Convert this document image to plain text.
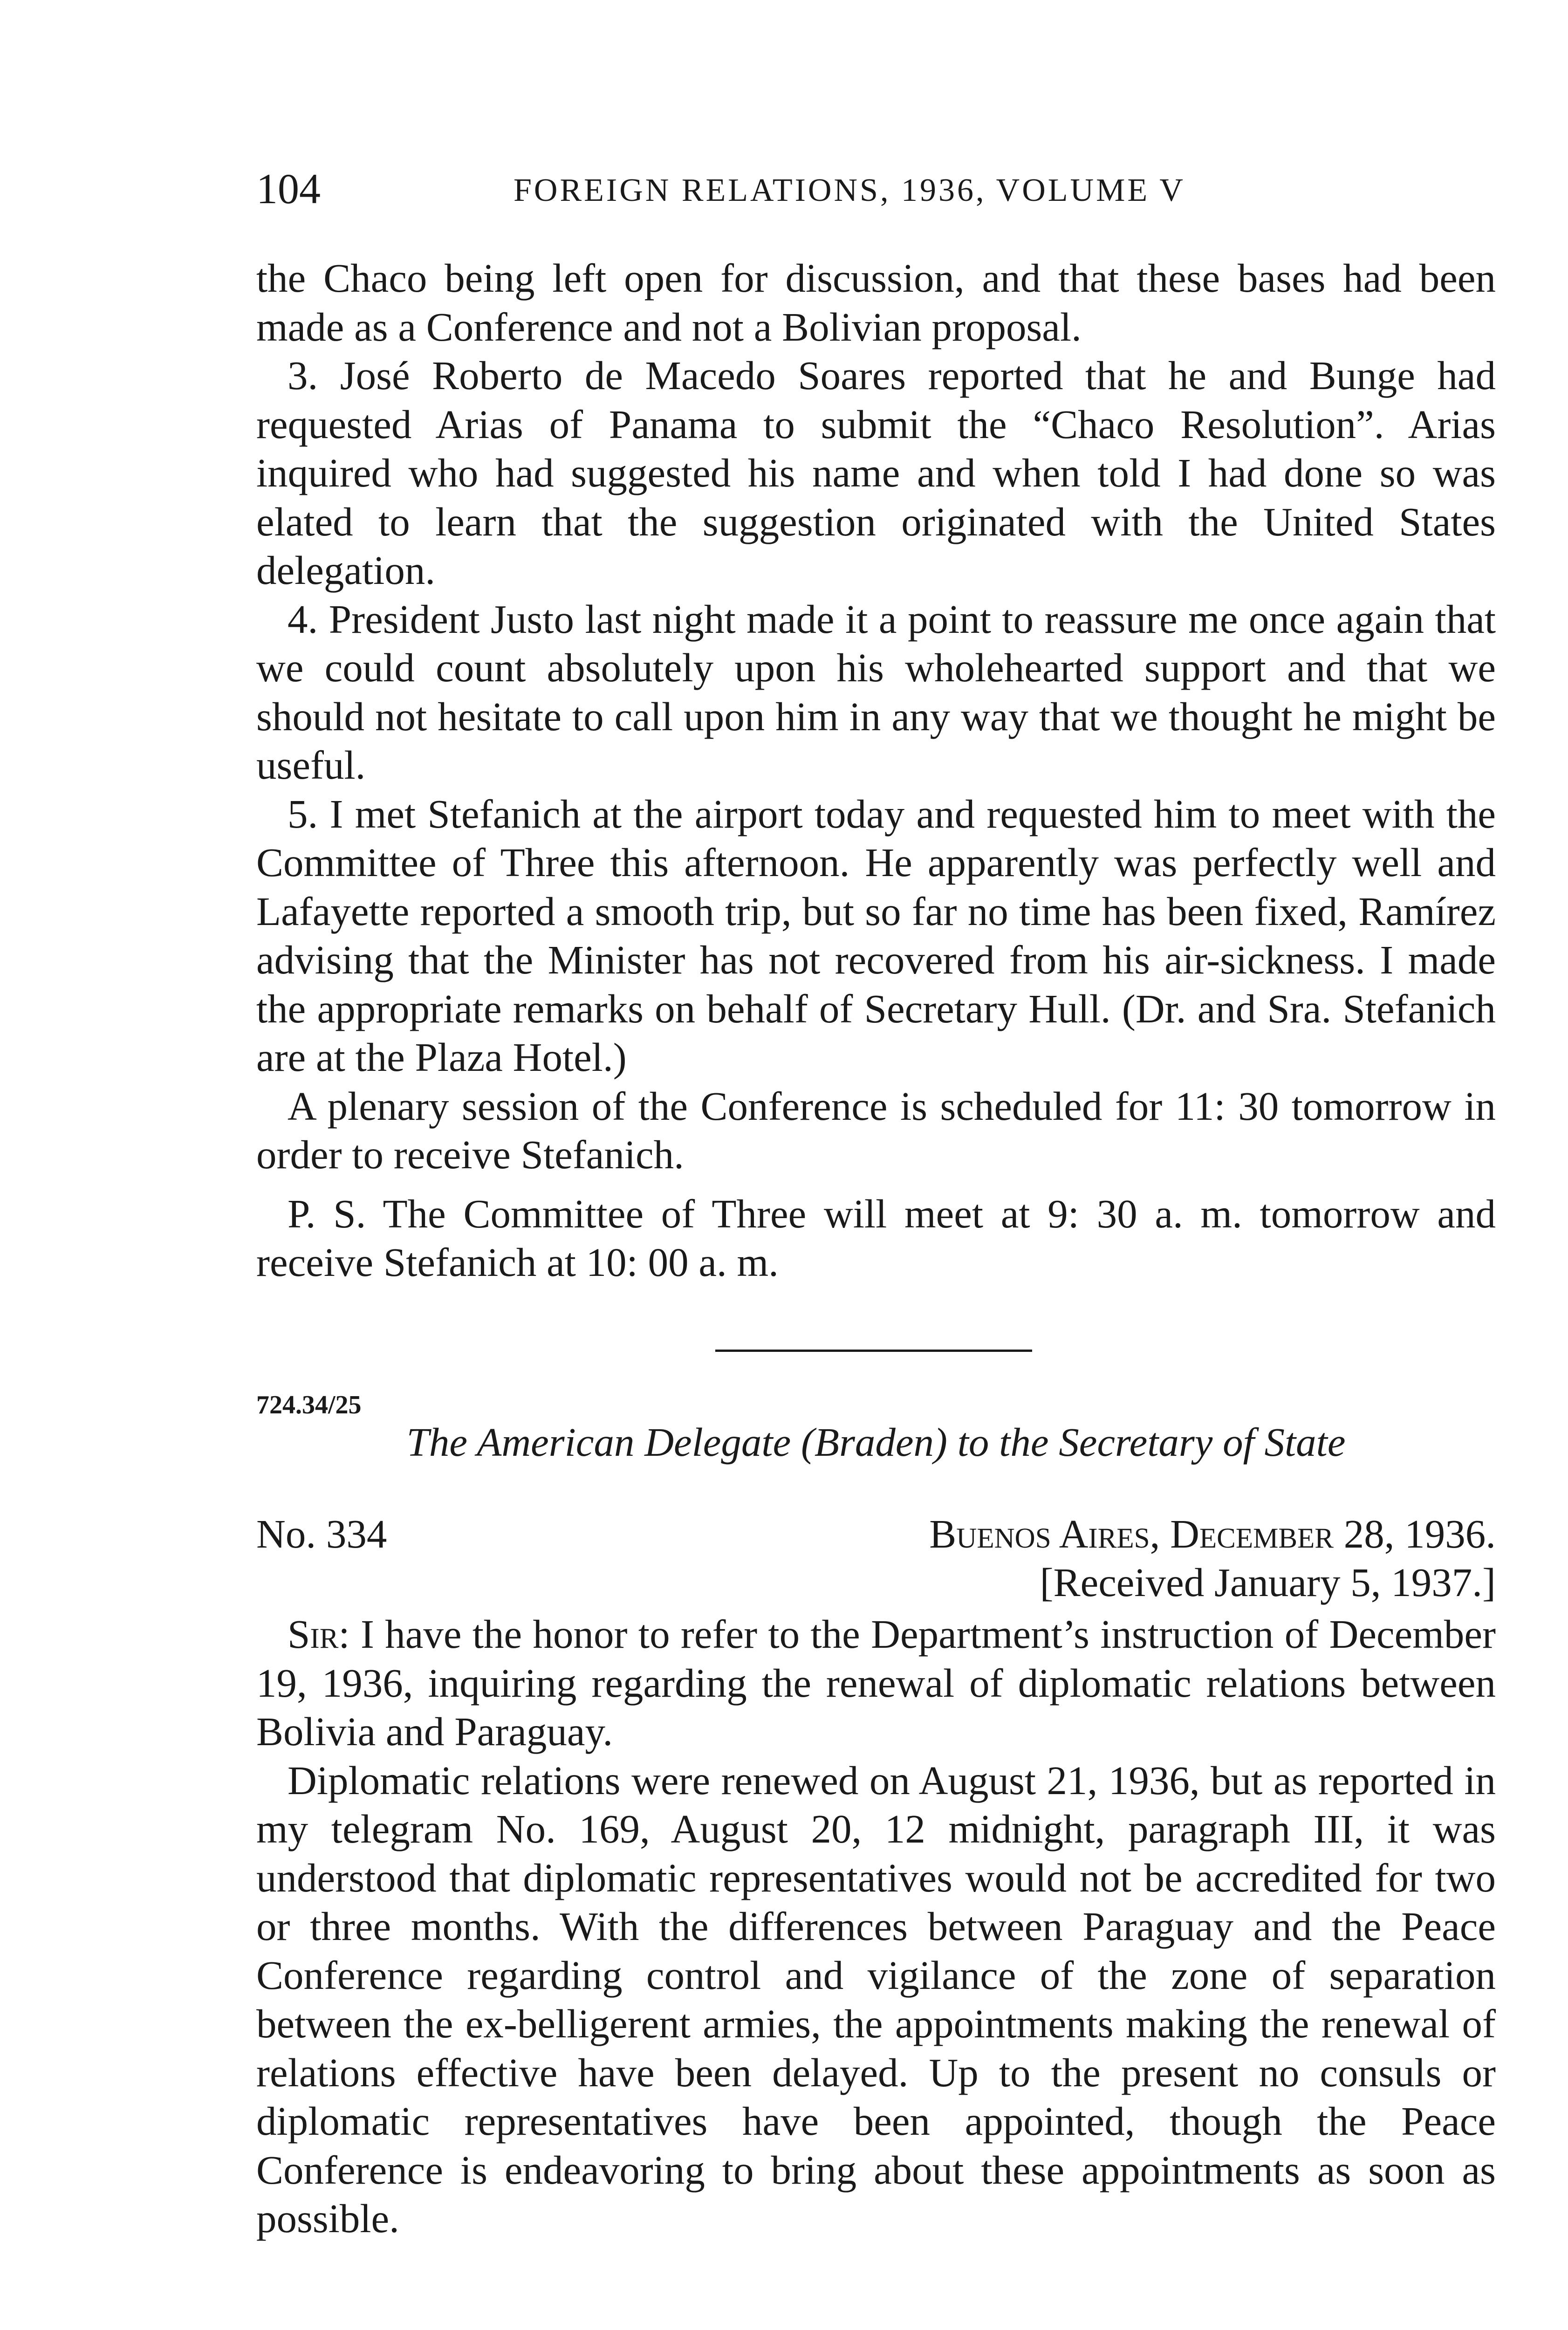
104	FOREIGN RELATIONS, 1936, VOLUME V

the Chaco being left open for discussion, and that these bases had been made as a Conference and not a Bolivian proposal.

3. José Roberto de Macedo Soares reported that he and Bunge had requested Arias of Panama to submit the “Chaco Resolution”. Arias inquired who had suggested his name and when told I had done so was elated to learn that the suggestion originated with the United States delegation.

4. President Justo last night made it a point to reassure me once again that we could count absolutely upon his wholehearted support and that we should not hesitate to call upon him in any way that we thought he might be useful.

5. I met Stefanich at the airport today and requested him to meet with the Committee of Three this afternoon. He apparently was perfectly well and Lafayette reported a smooth trip, but so far no time has been fixed, Ramírez advising that the Minister has not recovered from his air-sickness. I made the appropriate remarks on behalf of Secretary Hull. (Dr. and Sra. Stefanich are at the Plaza Hotel.)

A plenary session of the Conference is scheduled for 11: 30 tomorrow in order to receive Stefanich.

P. S. The Committee of Three will meet at 9: 30 a. m. tomorrow and receive Stefanich at 10: 00 a. m.

724.34/25
The American Delegate (Braden) to the Secretary of State
No. 334	Buenos Aires, December 28, 1936.
[Received January 5, 1937.]

Sir: I have the honor to refer to the Department’s instruction of December 19, 1936, inquiring regarding the renewal of diplomatic relations between Bolivia and Paraguay.

Diplomatic relations were renewed on August 21, 1936, but as reported in my telegram No. 169, August 20, 12 midnight, paragraph III, it was understood that diplomatic representatives would not be accredited for two or three months. With the differences between Paraguay and the Peace Conference regarding control and vigilance of the zone of separation between the ex-belligerent armies, the appointments making the renewal of relations effective have been delayed. Up to the present no consuls or diplomatic representatives have been appointed, though the Peace Conference is endeavoring to bring about these appointments as soon as possible.
